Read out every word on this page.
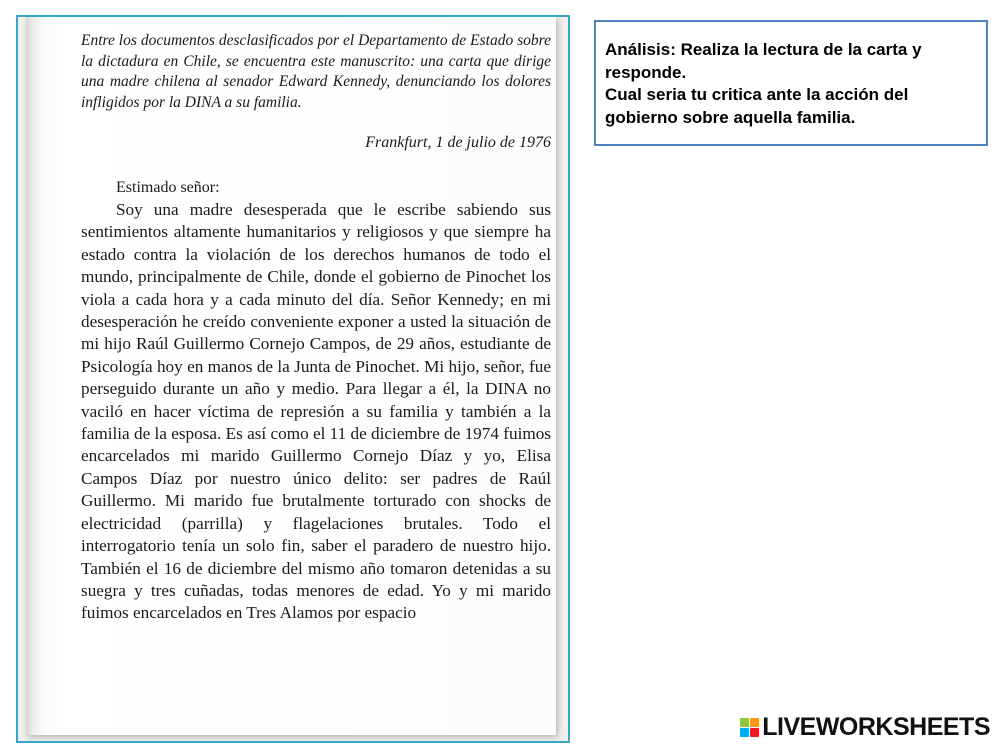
Entre los documentos desclasificados por el Departamento de Estado sobre la dictadura en Chile, se encuentra este manuscrito: una carta que dirige una madre chilena al senador Edward Kennedy, denunciando los dolores infligidos por la DINA a su familia.

Frankfurt, 1 de julio de 1976

Estimado señor:

Soy una madre desesperada que le escribe sabiendo sus sentimientos altamente humanitarios y religiosos y que siempre ha estado contra la violación de los derechos humanos de todo el mundo, principalmente de Chile, donde el gobierno de Pinochet los viola a cada hora y a cada minuto del día. Señor Kennedy; en mi desesperación he creído conveniente exponer a usted la situación de mi hijo Raúl Guillermo Cornejo Campos, de 29 años, estudiante de Psicología hoy en manos de la Junta de Pinochet. Mi hijo, señor, fue perseguido durante un año y medio. Para llegar a él, la DINA no vaciló en hacer víctima de represión a su familia y también a la familia de la esposa. Es así como el 11 de diciembre de 1974 fuimos encarcelados mi marido Guillermo Cornejo Díaz y yo, Elisa Campos Díaz por nuestro único delito: ser padres de Raúl Guillermo. Mi marido fue brutalmente torturado con shocks de electricidad (parrilla) y flagelaciones brutales. Todo el interrogatorio tenía un solo fin, saber el paradero de nuestro hijo. También el 16 de diciembre del mismo año tomaron detenidas a su suegra y tres cuñadas, todas menores de edad. Yo y mi marido fuimos encarcelados en Tres Alamos por espacio

Análisis: Realiza la lectura de la carta y responde.

Cual seria tu critica ante la acción del gobierno sobre aquella familia.

LIVEWORKSHEETS
